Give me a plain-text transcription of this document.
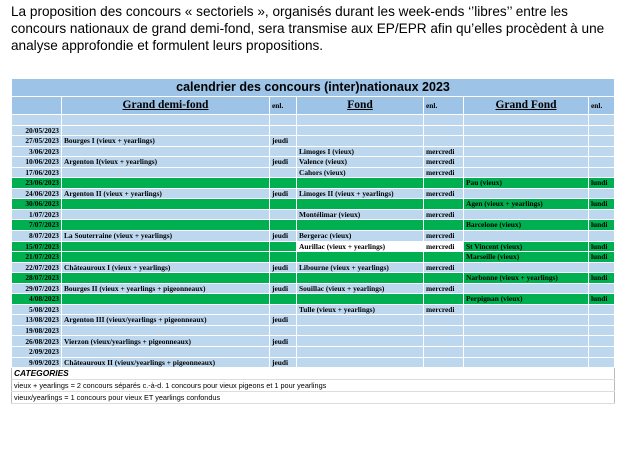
La proposition des concours « sectoriels », organisés durant les week-ends ‘’libres’’ entre les concours nationaux de grand demi-fond, sera transmise aux EP/EPR afin qu’elles procèdent à une analyse approfondie et formulent leurs propositions.
calendrier des concours (inter)nationaux 2023						
	Grand demi-fond	enl.	Fond	enl.	Grand Fond	enl.

20/05/2023						
27/05/2023	Bourges I (vieux + yearlings)	jeudi				
3/06/2023			Limoges I (vieux)	mercredi		
10/06/2023	Argenton I(vieux + yearlings)	jeudi	Valence (vieux)	mercredi		
17/06/2023			Cahors (vieux)	mercredi		
23/06/2023					Pau (vieux)	lundi
24/06/2023	Argenton II (vieux + yearlings)	jeudi	Limoges II (vieux + yearlings)	mercredi		
30/06/2023					Agen (vieux + yearlings)	lundi
1/07/2023			Montélimar (vieux)	mercredi		
7/07/2023					Barcelone (vieux)	lundi
8/07/2023	La Souterraine (vieux + yearlings)	jeudi	Bergerac (vieux)	mercredi		
15/07/2023			Aurillac (vieux + yearlings)	mercredi	St Vincent (vieux)	lundi
21/07/2023					Marseille (vieux)	lundi
22/07/2023	Châteauroux I (vieux + yearlings)	jeudi	Libourne (vieux + yearlings)	mercredi		
28/07/2023					Narbonne (vieux + yearlings)	lundi
29/07/2023	Bourges II (vieux + yearlings + pigeonneaux)	jeudi	Souillac (vieux + yearlings)	mercredi		
4/08/2023					Perpignan (vieux)	lundi
5/08/2023			Tulle (vieux + yearlings)	mercredi		
13/08/2023	Argenton III (vieux/yearlings + pigeonneaux)	jeudi				
19/08/2023						
26/08/2023	Vierzon (vieux/yearlings + pigeonneaux)	jeudi				
2/09/2023						
9/09/2023	Châteauroux II (vieux/yearlings + pigeonneaux)	jeudi				
CATEGORIES						
vieux + yearlings = 2 concours séparés c.-à-d. 1 concours pour vieux pigeons et 1 pour yearlings						
vieux/yearlings = 1 concours pour vieux ET yearlings confondus						
